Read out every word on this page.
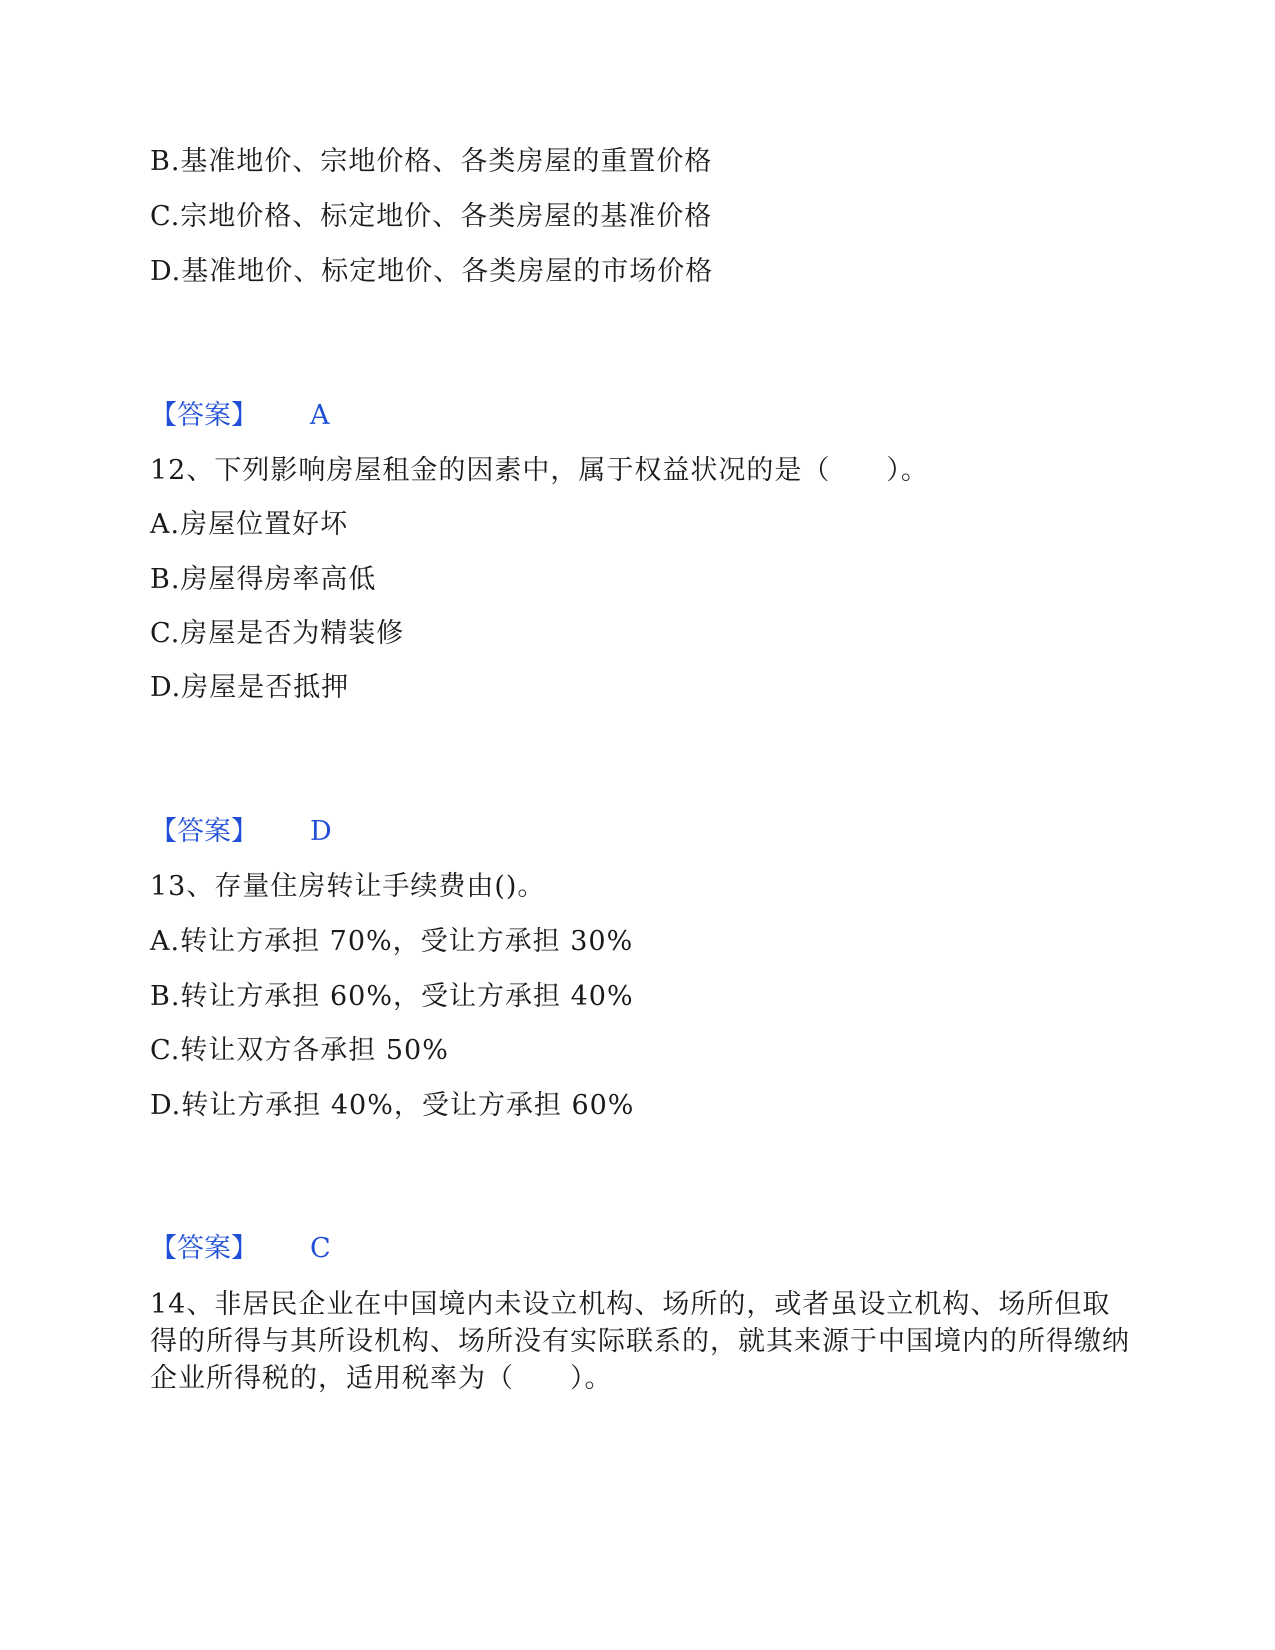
B.基准地价、宗地价格、各类房屋的重置价格
C.宗地价格、标定地价、各类房屋的基准价格
D.基准地价、标定地价、各类房屋的市场价格
【答案】 A
12、下列影响房屋租金的因素中，属于权益状况的是（　　）。
A.房屋位置好坏
B.房屋得房率高低
C.房屋是否为精装修
D.房屋是否抵押
【答案】 D
13、存量住房转让手续费由()。
A.转让方承担 70%，受让方承担 30%
B.转让方承担 60%，受让方承担 40%
C.转让双方各承担 50%
D.转让方承担 40%，受让方承担 60%
【答案】 C
14、非居民企业在中国境内未设立机构、场所的，或者虽设立机构、场所但取得的所得与其所设机构、场所没有实际联系的，就其来源于中国境内的所得缴纳企业所得税的，适用税率为（　　）。
